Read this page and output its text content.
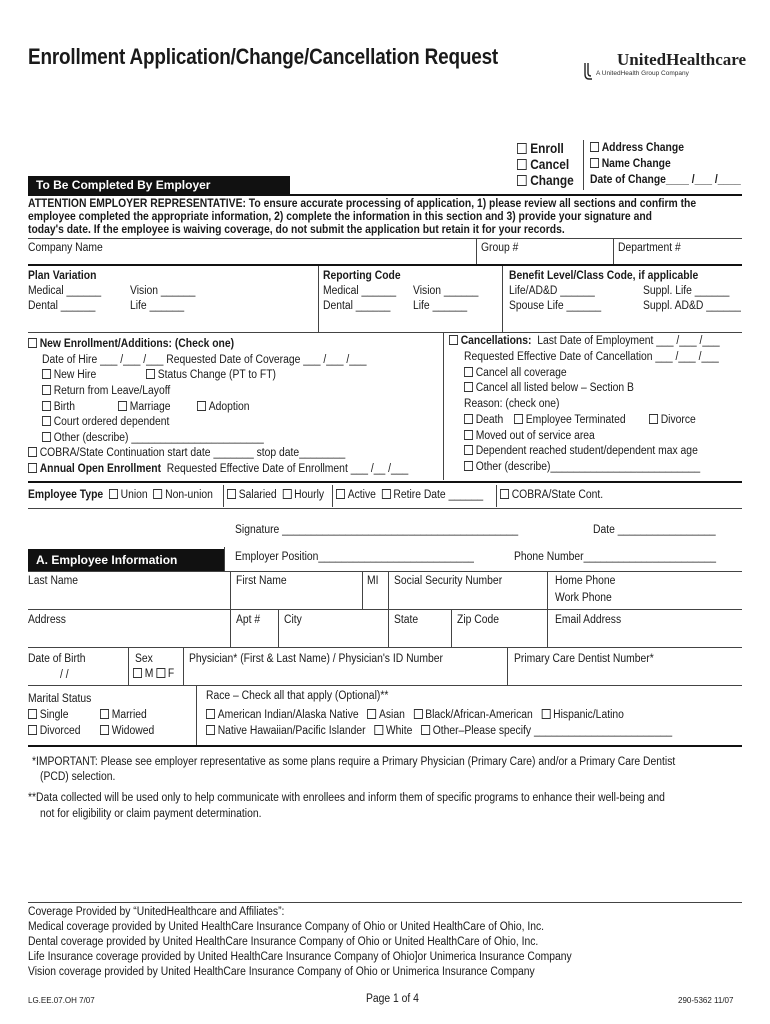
Enrollment Application/Change/Cancellation Request	UnitedHealthcare
A UnitedHealth Group Company
Enroll
Cancel
Change
Address Change
Name Change
Date of Change____ /___ /____
To Be Completed By Employer
ATTENTION EMPLOYER REPRESENTATIVE: To ensure accurate processing of application, 1) please review all sections and confirm the
employee completed the appropriate information, 2) complete the information in this section and 3) provide your signature and
today's date. If the employee is waiving coverage, do not submit the application but retain it for your records.
Company Name	Group #	Department #
Plan Variation
Medical ______	Vision ______
Dental ______	Life ______
Reporting Code
Medical ______ Vision ______
Dental ______ Life ______
Benefit Level/Class Code, if applicable
Life/AD&D ______	Suppl. Life ______
Spouse Life ______	Suppl. AD&D ______
New Enrollment/Additions: (Check one)
Date of Hire ___ /___ /___ Requested Date of Coverage ___ /___ /___
New Hire	Status Change (PT to FT)
Return from Leave/Layoff
Birth	Marriage	Adoption
Court ordered dependent
Other (describe) _______________________
COBRA/State Continuation start date _______ stop date________
Annual Open Enrollment Requested Effective Date of Enrollment ___ /__ /___
Cancellations: Last Date of Employment ___ /___ /___
Requested Effective Date of Cancellation ___ /___ /___
Cancel all coverage
Cancel all listed below – Section B
Reason: (check one)
Death	Employee Terminated	Divorce
Moved out of service area
Dependent reached student/dependent max age
Other (describe)__________________________
Employee Type Union Non-union	Salaried Hourly	Active Retire Date ______	COBRA/State Cont.
Signature _________________________________________	Date _________________
A. Employee Information	Employer Position___________________________	Phone Number_______________________
Last Name	First Name	MI Social Security Number	Home Phone
Work Phone
Address	Apt # City	State	Zip Code	Email Address
Date of Birth
/ /
Sex
M F
Physician* (First & Last Name) / Physician's ID Number	Primary Care Dentist Number*
Marital Status
Single	Married
Divorced	Widowed
Race – Check all that apply (Optional)**
American Indian/Alaska Native Asian Black/African-American Hispanic/Latino
Native Hawaiian/Pacific Islander White Other–Please specify ________________________
*IMPORTANT: Please see employer representative as some plans require a Primary Physician (Primary Care) and/or a Primary Care Dentist
(PCD) selection.
**Data collected will be used only to help communicate with enrollees and inform them of specific programs to enhance their well-being and
not for eligibility or claim payment determination.
Coverage Provided by “UnitedHealthcare and Affiliates”:
Medical coverage provided by United HealthCare Insurance Company of Ohio or United HealthCare of Ohio, Inc.
Dental coverage provided by United HealthCare Insurance Company of Ohio or United HealthCare of Ohio, Inc.
Life Insurance coverage provided by United HealthCare Insurance Company of Ohio]or Unimerica Insurance Company
Vision coverage provided by United HealthCare Insurance Company of Ohio or Unimerica Insurance Company
LG.EE.07.OH 7/07	Page 1 of 4	290-5362 11/07
